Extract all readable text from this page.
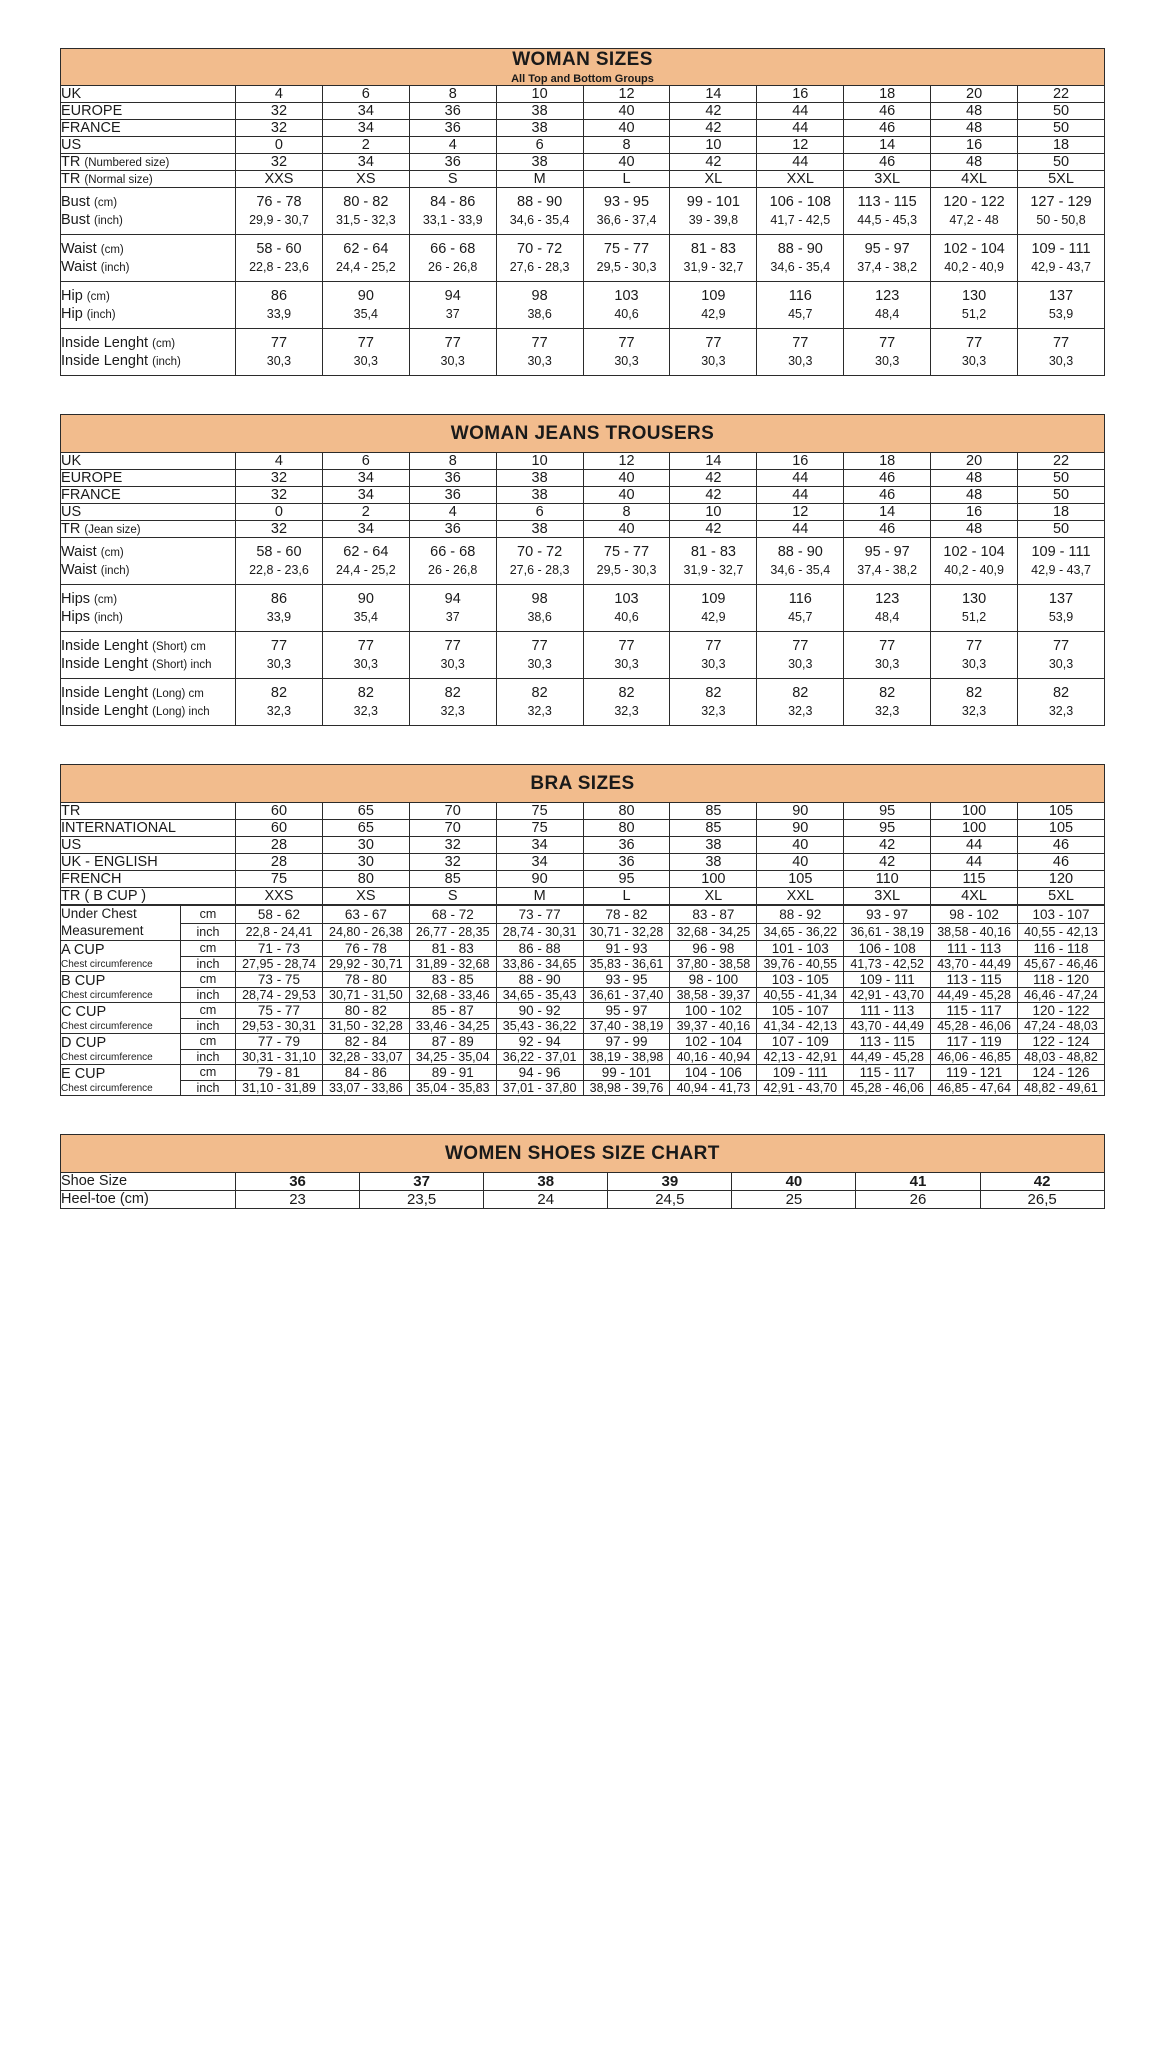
WOMAN SIZES
All Top and Bottom Groups										

UK	4	6	8	10	12	14	16	18	20	22
EUROPE	32	34	36	38	40	42	44	46	48	50
FRANCE	32	34	36	38	40	42	44	46	48	50
US	0	2	4	6	8	10	12	14	16	18
TR (Numbered size)	32	34	36	38	40	42	44	46	48	50
TR (Normal size)	XXS	XS	S	M	L	XL	XXL	3XL	4XL	5XL
Bust (cm)	76 - 78	80 - 82	84 - 86	88 - 90	93 - 95	99 - 101	106 - 108	113 - 115	120 - 122	127 - 129
Bust (inch)	29,9 - 30,7	31,5 - 32,3	33,1 - 33,9	34,6 - 35,4	36,6 - 37,4	39 - 39,8	41,7 - 42,5	44,5 - 45,3	47,2 - 48	50 - 50,8
Waist (cm)	58 - 60	62 - 64	66 - 68	70 - 72	75 - 77	81 - 83	88 - 90	95 - 97	102 - 104	109 - 111
Waist (inch)	22,8 - 23,6	24,4 - 25,2	26 - 26,8	27,6 - 28,3	29,5 - 30,3	31,9 - 32,7	34,6 - 35,4	37,4 - 38,2	40,2 - 40,9	42,9 - 43,7
Hip (cm)	86	90	94	98	103	109	116	123	130	137
Hip (inch)	33,9	35,4	37	38,6	40,6	42,9	45,7	48,4	51,2	53,9
Inside Lenght (cm)	77	77	77	77	77	77	77	77	77	77
Inside Lenght (inch)	30,3	30,3	30,3	30,3	30,3	30,3	30,3	30,3	30,3	30,3
WOMAN JEANS TROUSERS										

UK	4	6	8	10	12	14	16	18	20	22
EUROPE	32	34	36	38	40	42	44	46	48	50
FRANCE	32	34	36	38	40	42	44	46	48	50
US	0	2	4	6	8	10	12	14	16	18
TR (Jean size)	32	34	36	38	40	42	44	46	48	50
Waist (cm)	58 - 60	62 - 64	66 - 68	70 - 72	75 - 77	81 - 83	88 - 90	95 - 97	102 - 104	109 - 111
Waist (inch)	22,8 - 23,6	24,4 - 25,2	26 - 26,8	27,6 - 28,3	29,5 - 30,3	31,9 - 32,7	34,6 - 35,4	37,4 - 38,2	40,2 - 40,9	42,9 - 43,7
Hips (cm)	86	90	94	98	103	109	116	123	130	137
Hips (inch)	33,9	35,4	37	38,6	40,6	42,9	45,7	48,4	51,2	53,9
Inside Lenght (Short) cm	77	77	77	77	77	77	77	77	77	77
Inside Lenght (Short) inch	30,3	30,3	30,3	30,3	30,3	30,3	30,3	30,3	30,3	30,3
Inside Lenght (Long) cm	82	82	82	82	82	82	82	82	82	82
Inside Lenght (Long) inch	32,3	32,3	32,3	32,3	32,3	32,3	32,3	32,3	32,3	32,3
BRA SIZES										

TR	60	65	70	75	80	85	90	95	100	105
INTERNATIONAL	60	65	70	75	80	85	90	95	100	105
US	28	30	32	34	36	38	40	42	44	46
UK - ENGLISH	28	30	32	34	36	38	40	42	44	46
FRENCH	75	80	85	90	95	100	105	110	115	120
TR ( B CUP )	XXS	XS	S	M	L	XL	XXL	3XL	4XL	5XL
Under Chest Measurement	cm	58 - 62	63 - 67	68 - 72	73 - 77	78 - 82	83 - 87	88 - 92	93 - 97	98 - 102	103 - 107
	inch	22,8 - 24,41	24,80 - 26,38	26,77 - 28,35	28,74 - 30,31	30,71 - 32,28	32,68 - 34,25	34,65 - 36,22	36,61 - 38,19	38,58 - 40,16	40,55 - 42,13
A CUP
Chest circumference	cm	71 - 73	76 - 78	81 - 83	86 - 88	91 - 93	96 - 98	101 - 103	106 - 108	111 - 113	116 - 118
	inch	27,95 - 28,74	29,92 - 30,71	31,89 - 32,68	33,86 - 34,65	35,83 - 36,61	37,80 - 38,58	39,76 - 40,55	41,73 - 42,52	43,70 - 44,49	45,67 - 46,46
B CUP
Chest circumference	cm	73 - 75	78 - 80	83 - 85	88 - 90	93 - 95	98 - 100	103 - 105	109 - 111	113 - 115	118 - 120
	inch	28,74 - 29,53	30,71 - 31,50	32,68 - 33,46	34,65 - 35,43	36,61 - 37,40	38,58 - 39,37	40,55 - 41,34	42,91 - 43,70	44,49 - 45,28	46,46 - 47,24
C CUP
Chest circumference	cm	75 - 77	80 - 82	85 - 87	90 - 92	95 - 97	100 - 102	105 - 107	111 - 113	115 - 117	120 - 122
	inch	29,53 - 30,31	31,50 - 32,28	33,46 - 34,25	35,43 - 36,22	37,40 - 38,19	39,37 - 40,16	41,34 - 42,13	43,70 - 44,49	45,28 - 46,06	47,24 - 48,03
D CUP
Chest circumference	cm	77 - 79	82 - 84	87 - 89	92 - 94	97 - 99	102 - 104	107 - 109	113 - 115	117 - 119	122 - 124
	inch	30,31 - 31,10	32,28 - 33,07	34,25 - 35,04	36,22 - 37,01	38,19 - 38,98	40,16 - 40,94	42,13 - 42,91	44,49 - 45,28	46,06 - 46,85	48,03 - 48,82
E CUP
Chest circumference	cm	79 - 81	84 - 86	89 - 91	94 - 96	99 - 101	104 - 106	109 - 111	115 - 117	119 - 121	124 - 126
	inch	31,10 - 31,89	33,07 - 33,86	35,04 - 35,83	37,01 - 37,80	38,98 - 39,76	40,94 - 41,73	42,91 - 43,70	45,28 - 46,06	46,85 - 47,64	48,82 - 49,61
WOMEN SHOES SIZE CHART							

Shoe Size	36	37	38	39	40	41	42
Heel-toe (cm)	23	23,5	24	24,5	25	26	26,5
